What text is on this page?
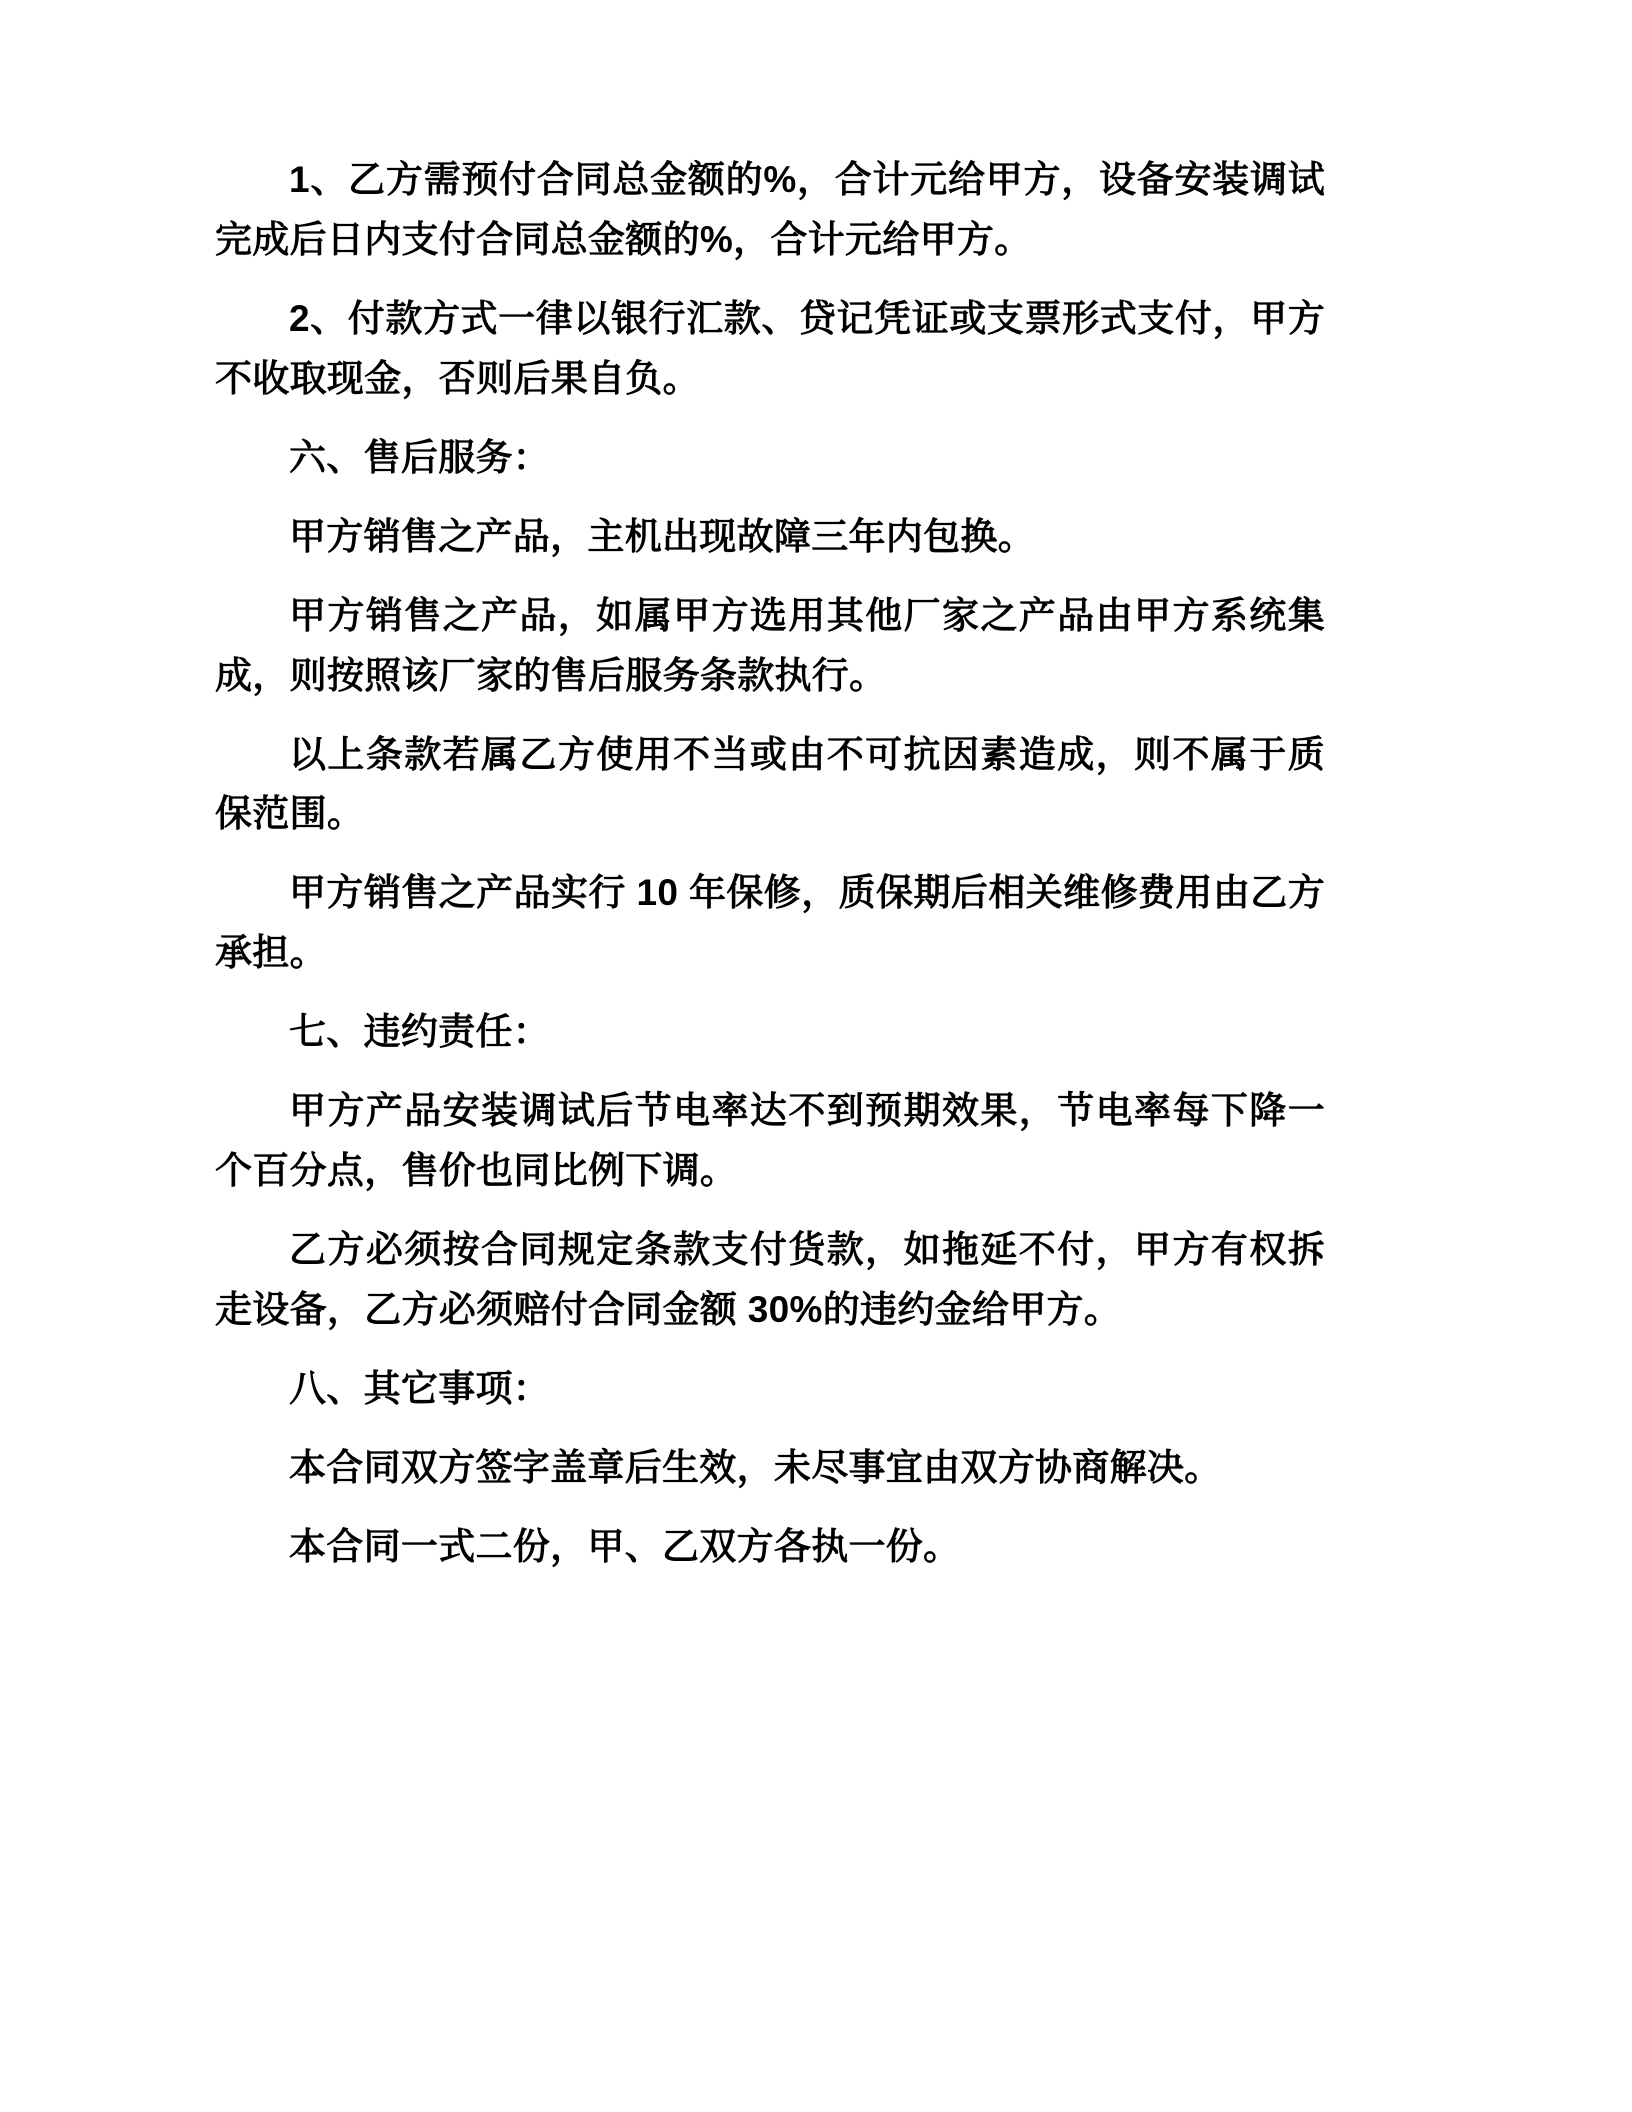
1、乙方需预付合同总金额的%，合计元给甲方，设备安装调试完成后日内支付合同总金额的%，合计元给甲方。

2、付款方式一律以银行汇款、贷记凭证或支票形式支付，甲方不收取现金，否则后果自负。

六、售后服务：

甲方销售之产品，主机出现故障三年内包换。

甲方销售之产品，如属甲方选用其他厂家之产品由甲方系统集成，则按照该厂家的售后服务条款执行。

以上条款若属乙方使用不当或由不可抗因素造成，则不属于质保范围。

甲方销售之产品实行 10 年保修，质保期后相关维修费用由乙方承担。

七、违约责任：

甲方产品安装调试后节电率达不到预期效果，节电率每下降一个百分点，售价也同比例下调。

乙方必须按合同规定条款支付货款，如拖延不付，甲方有权拆走设备，乙方必须赔付合同金额 30%的违约金给甲方。

八、其它事项：

本合同双方签字盖章后生效，未尽事宜由双方协商解决。

本合同一式二份，甲、乙双方各执一份。
